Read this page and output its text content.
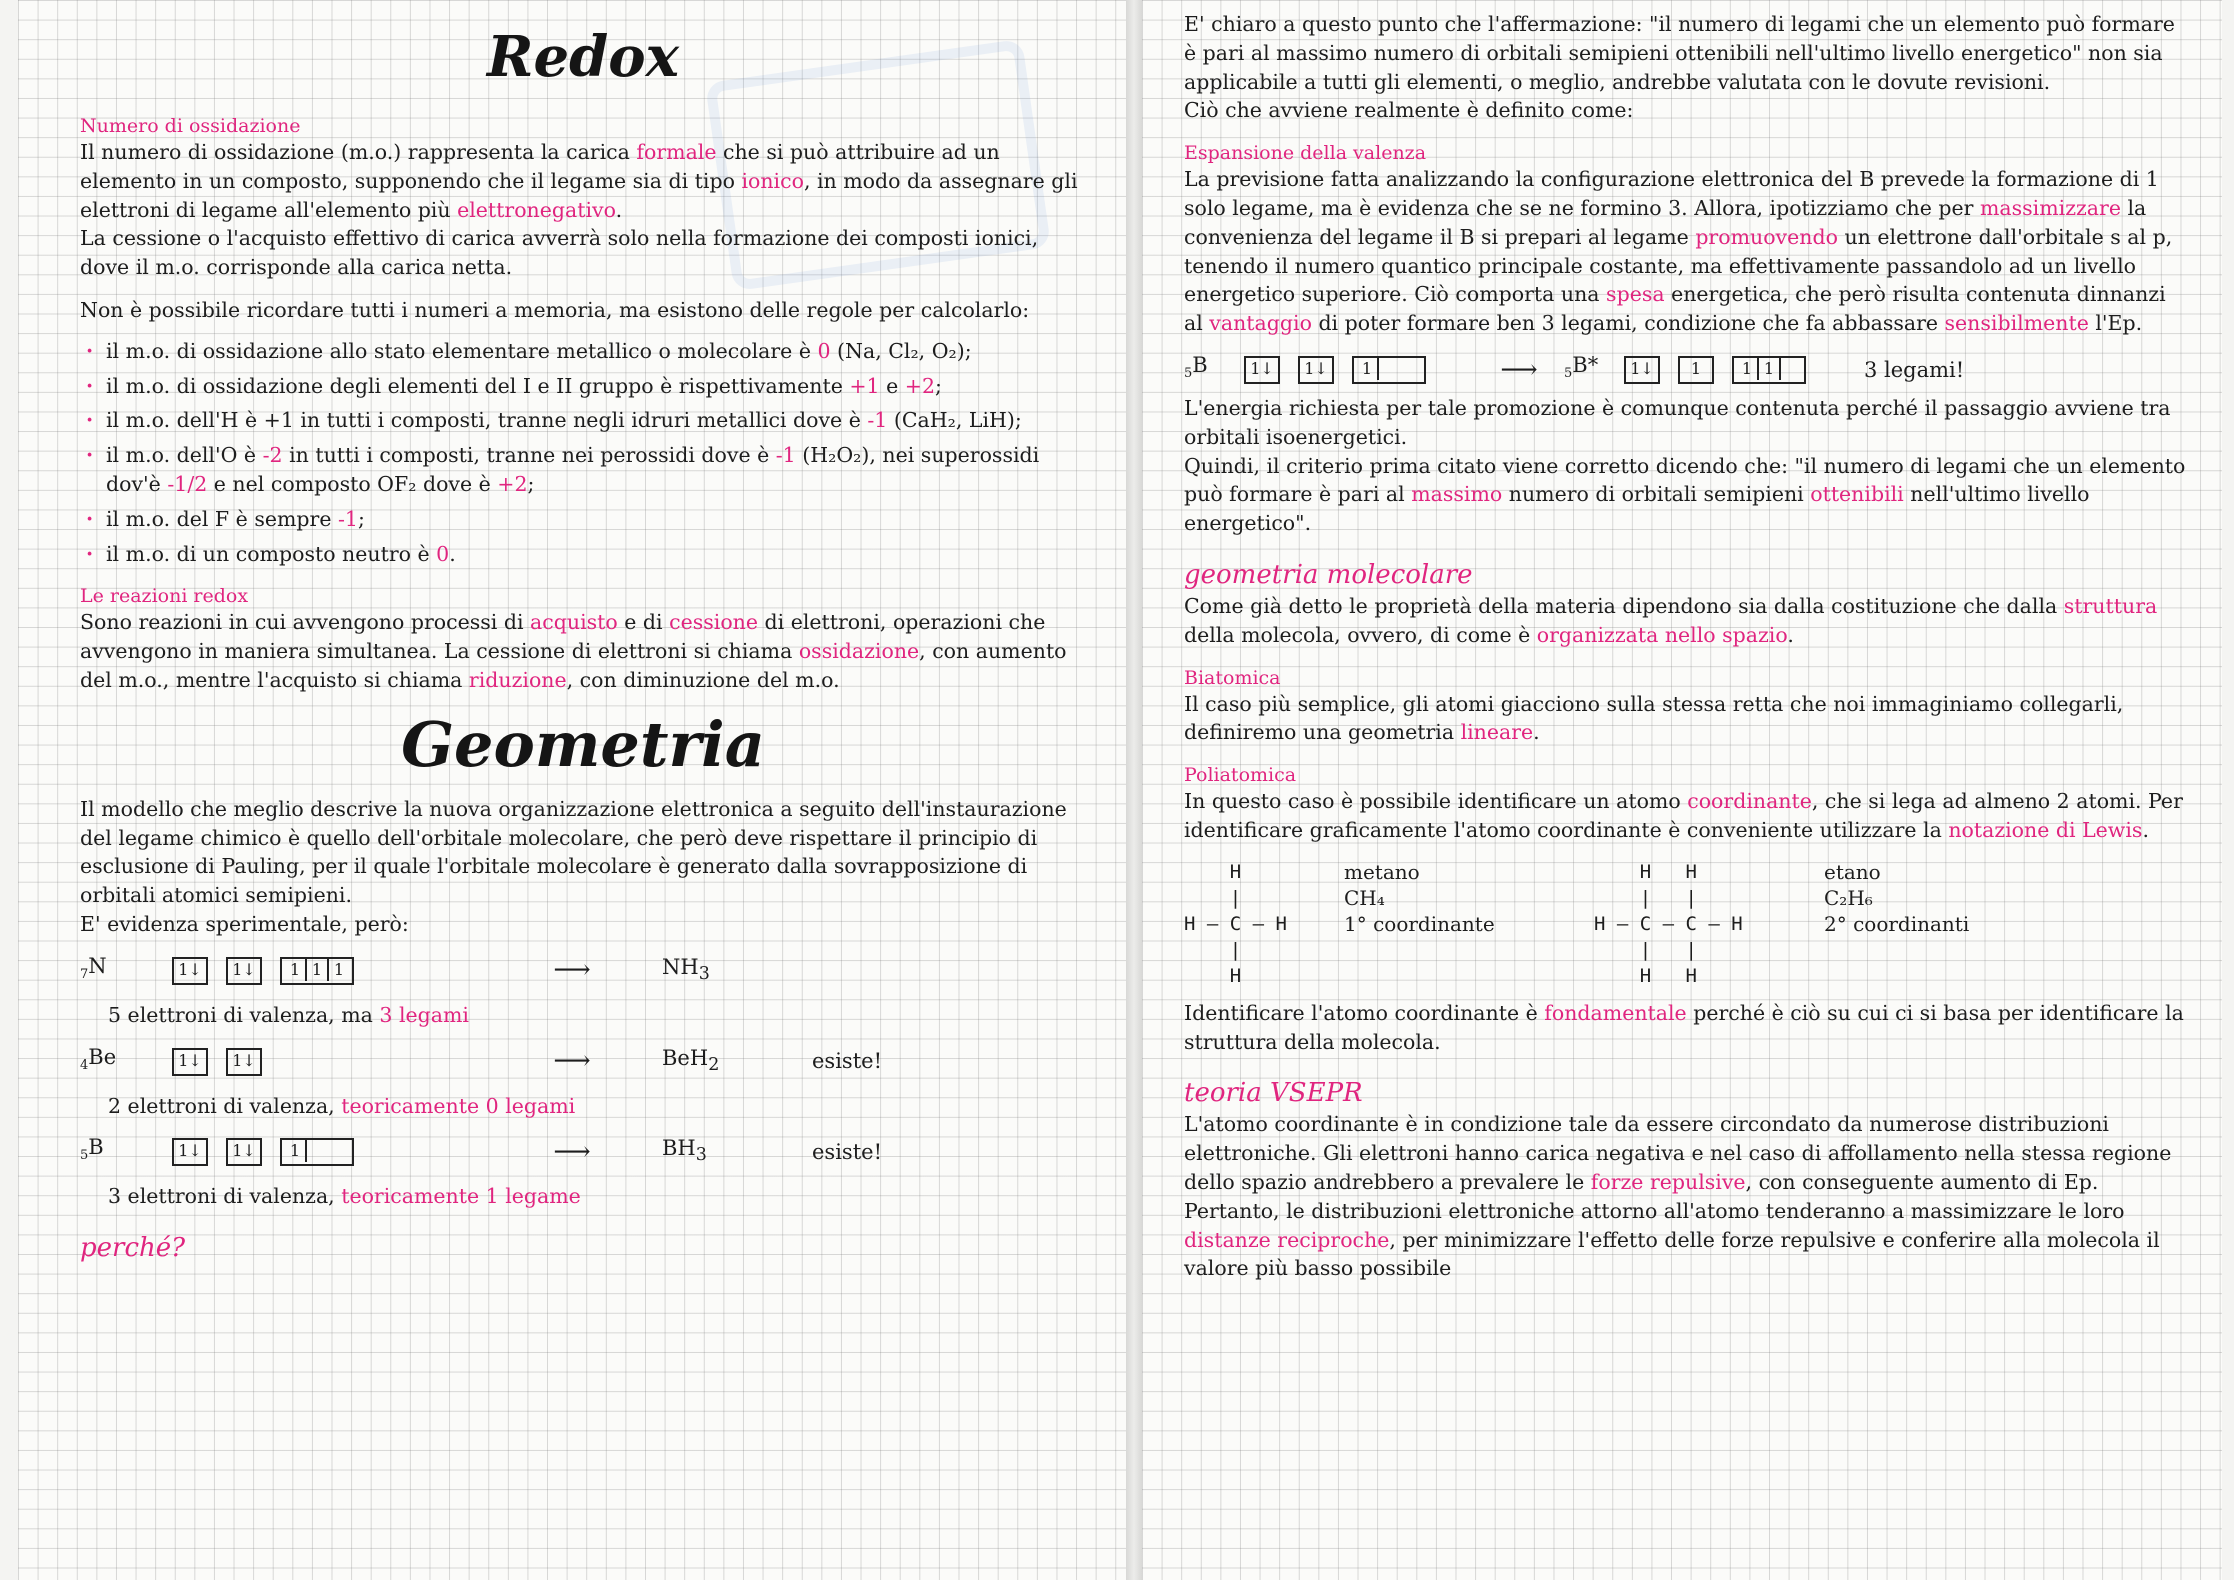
Redox
Numero di ossidazione

Il numero di ossidazione (m.o.) rappresenta la carica formale che si può attribuire ad un elemento in un composto, supponendo che il legame sia di tipo ionico, in modo da assegnare gli elettroni di legame all'elemento più elettronegativo.

La cessione o l'acquisto effettivo di carica avverrà solo nella formazione dei composti ionici, dove il m.o. corrisponde alla carica netta.

Non è possibile ricordare tutti i numeri a memoria, ma esistono delle regole per calcolarlo:

· il m.o. di ossidazione allo stato elementare metallico o molecolare è 0 (Na, Cl₂, O₂);
· il m.o. di ossidazione degli elementi del I e II gruppo è rispettivamente +1 e +2;
· il m.o. dell'H è +1 in tutti i composti, tranne negli idruri metallici dove è -1 (CaH₂, LiH);
· il m.o. dell'O è -2 in tutti i composti, tranne nei perossidi dove è -1 (H₂O₂), nei superossidi dov'è -1/2 e nel composto OF₂ dove è +2;
· il m.o. del F è sempre -1;
· il m.o. di un composto neutro è 0.
Le reazioni redox

Sono reazioni in cui avvengono processi di acquisto e di cessione di elettroni, operazioni che avvengono in maniera simultanea. La cessione di elettroni si chiama ossidazione, con aumento del m.o., mentre l'acquisto si chiama riduzione, con diminuzione del m.o.

Geometria

Il modello che meglio descrive la nuova organizzazione elettronica a seguito dell'instaurazione del legame chimico è quello dell'orbitale molecolare, che però deve rispettare il principio di esclusione di Pauling, per il quale l'orbitale molecolare è generato dalla sovrapposizione di orbitali atomici semipieni.

E' evidenza sperimentale, però:

$_7$N	1↓	1↓	1 1 1	⟶	$NH_3$
5 elettroni di valenza, ma 3 legami
$_4$Be	1↓	1↓	⟶	BeH$_2$	esiste!
2 elettroni di valenza, teoricamente 0 legami
$_5$B	1↓	1↓	1	⟶	$BH_3$	esiste!
3 elettroni di valenza, teoricamente 1 legame
perché?

E' chiaro a questo punto che l'affermazione: "il numero di legami che un elemento può formare è pari al massimo numero di orbitali semipieni ottenibili nell'ultimo livello energetico" non sia applicabile a tutti gli elementi, o meglio, andrebbe valutata con le dovute revisioni.

Ciò che avviene realmente è definito come:

Espansione della valenza

La previsione fatta analizzando la configurazione elettronica del B prevede la formazione di 1 solo legame, ma è evidenza che se ne formino 3. Allora, ipotizziamo che per massimizzare la convenienza del legame il B si prepari al legame promuovendo un elettrone dall'orbitale s al p, tenendo il numero quantico principale costante, ma effettivamente passandolo ad un livello energetico superiore. Ciò comporta una spesa energetica, che però risulta contenuta dinnanzi al vantaggio di poter formare ben 3 legami, condizione che fa abbassare sensibilmente l'Ep.

$_5$B	1↓	1↓	1	⟶	$_5$B*	1↓	1	1 1	3 legami!

L'energia richiesta per tale promozione è comunque contenuta perché il passaggio avviene tra orbitali isoenergetici.

Quindi, il criterio prima citato viene corretto dicendo che: "il numero di legami che un elemento può formare è pari al massimo numero di orbitali semipieni ottenibili nell'ultimo livello energetico".

geometria molecolare

Come già detto le proprietà della materia dipendono sia dalla costituzione che dalla struttura della molecola, ovvero, di come è organizzata nello spazio.

Biatomica

Il caso più semplice, gli atomi giacciono sulla stessa retta che noi immaginiamo collegarli, definiremo una geometria lineare.

Poliatomica

In questo caso è possibile identificare un atomo coordinante, che si lega ad almeno 2 atomi. Per identificare graficamente l'atomo coordinante è conveniente utilizzare la notazione di Lewis.

H
|
H — C — H
|
H
metano
CH₄
1° coordinante
H   H
|   |
H — C — C — H
|   |
H   H
etano
C₂H₆
2° coordinanti

Identificare l'atomo coordinante è fondamentale perché è ciò su cui ci si basa per identificare la struttura della molecola.

teoria VSEPR

L'atomo coordinante è in condizione tale da essere circondato da numerose distribuzioni elettroniche. Gli elettroni hanno carica negativa e nel caso di affollamento nella stessa regione dello spazio andrebbero a prevalere le forze repulsive, con conseguente aumento di Ep.

Pertanto, le distribuzioni elettroniche attorno all'atomo tenderanno a massimizzare le loro distanze reciproche, per minimizzare l'effetto delle forze repulsive e conferire alla molecola il valore più basso possibile
